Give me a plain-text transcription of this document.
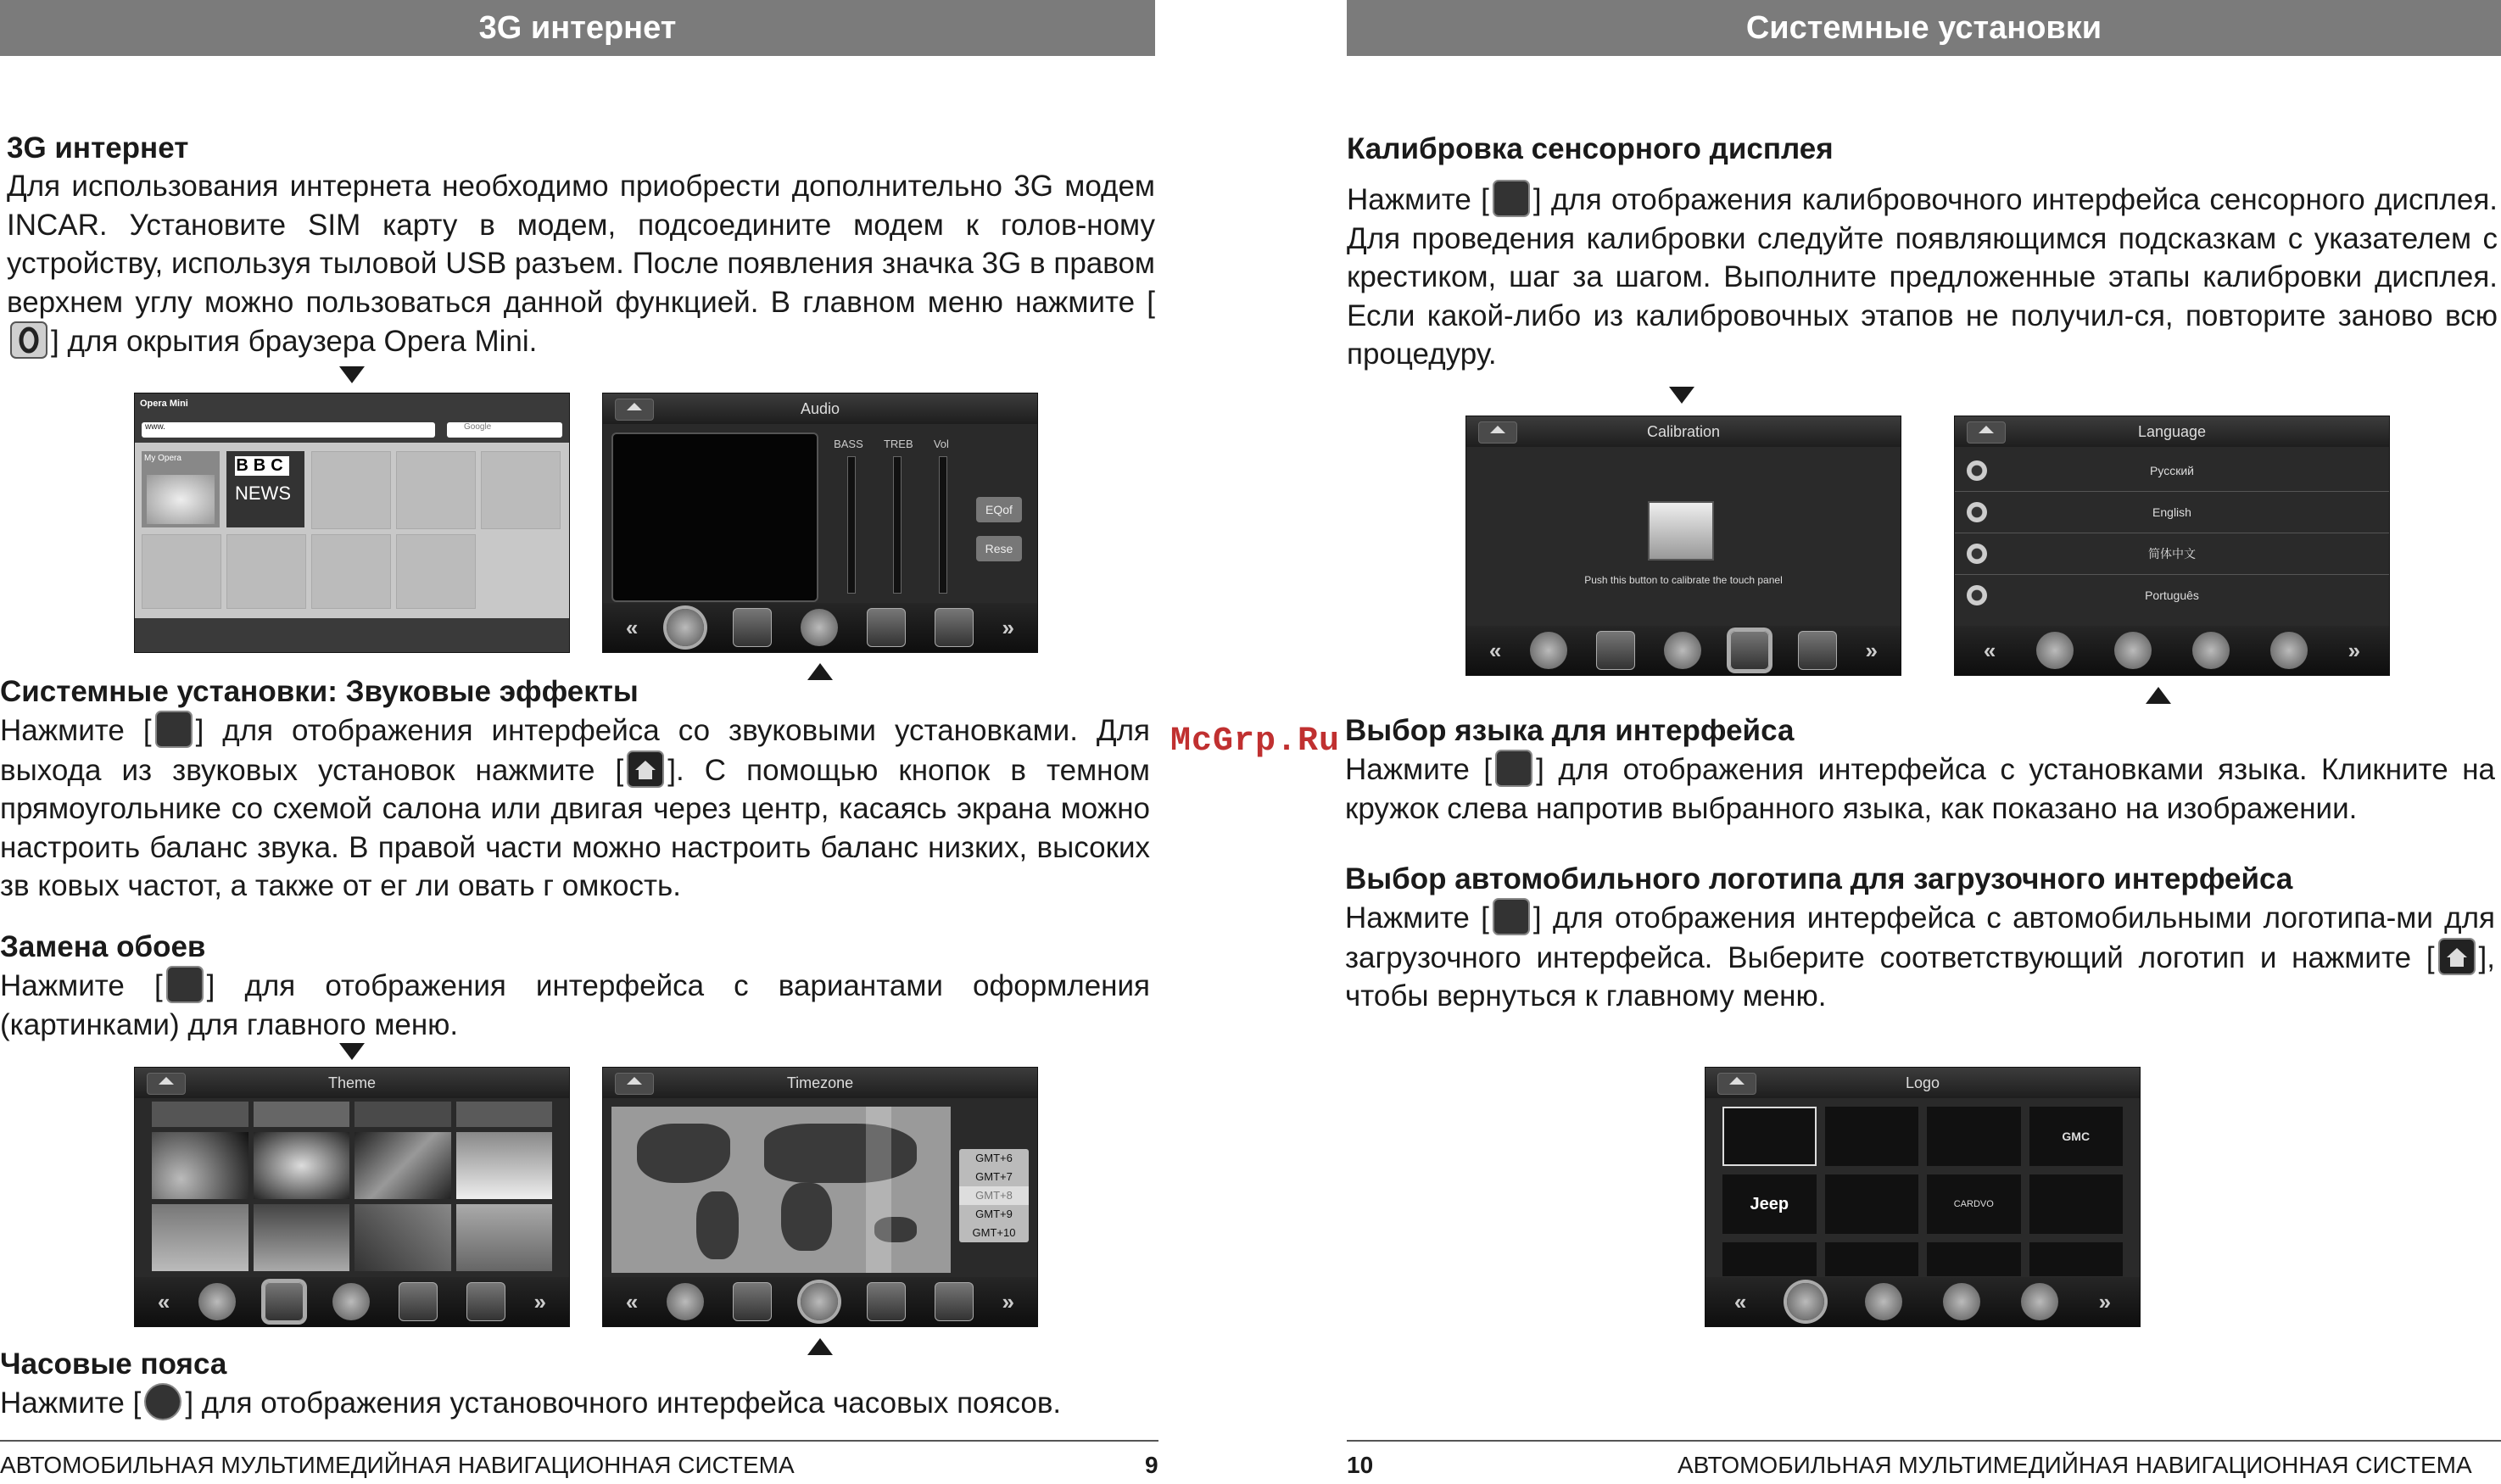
3G интернет	Системные установки
McGrp.Ru
3G интернет
Для использования интернета необходимо приобрести дополнительно 3G модем INCAR. Установите SIM карту в модем, подсоедините модем к голов-ному устройству, используя тыловой USB разъем. После появления значка 3G в правом верхнем углу можно пользоваться данной функцией. В главном меню нажмите [
] для окрытия браузера Opera Mini.
Opera Mini
www.	Google
My Opera	BBC
NEWS
Audio
BASS TREB Vol
EQof
Rese
«	»
Системные установки: Звуковые эффекты
Нажмите [ ] для отображения интерфейса со звуковыми установками. Для выхода из звуковых установок нажмите [ ]. С помощью кнопок в темном прямоугольнике со схемой салона или двигая через центр, касаясь экрана можно настроить баланс звука. В правой части можно настроить баланс низких, высоких зв ковых частот, а также от ег ли овать г омкость.
Замена обоев
Нажмите [ ] для отображения интерфейса с вариантами оформления (картинками) для главного меню.
Theme
«	»
Timezone
GMT+6
GMT+7
GMT+8
GMT+9
GMT+10
«	»
Часовые пояса
Нажмите [ ] для отображения установочного интерфейса часовых поясов.
АВТОМОБИЛЬНАЯ МУЛЬТИМЕДИЙНАЯ НАВИГАЦИОННАЯ СИСТЕМА	9
Калибровка сенсорного дисплея
Нажмите [ ] для отображения калибровочного интерфейса сенсорного дисплея. Для проведения калибровки следуйте появляющимся подсказкам с указателем с крестиком, шаг за шагом. Выполните предложенные этапы калибровки дисплея. Если какой-либо из калибровочных этапов не получил-ся, повторите заново всю процедуру.
Calibration
Push this button to calibrate the touch panel
«	»
Language
Русский
English
简体中文
Português
«	»
Выбор языка для интерфейса
Нажмите [ ] для отображения интерфейса с установками языка. Кликните на кружок слева напротив выбранного языка, как показано на изображении.
Выбор автомобильного логотипа для загрузочного интерфейса
Нажмите [ ] для отображения интерфейса с автомобильными логотипа-ми для загрузочного интерфейса. Выберите соответствующий логотип и нажмите [ ], чтобы вернуться к главному меню.
Logo
GMC
Jeep	CARDVO
«	»
10	АВТОМОБИЛЬНАЯ МУЛЬТИМЕДИЙНАЯ НАВИГАЦИОННАЯ СИСТЕМА
